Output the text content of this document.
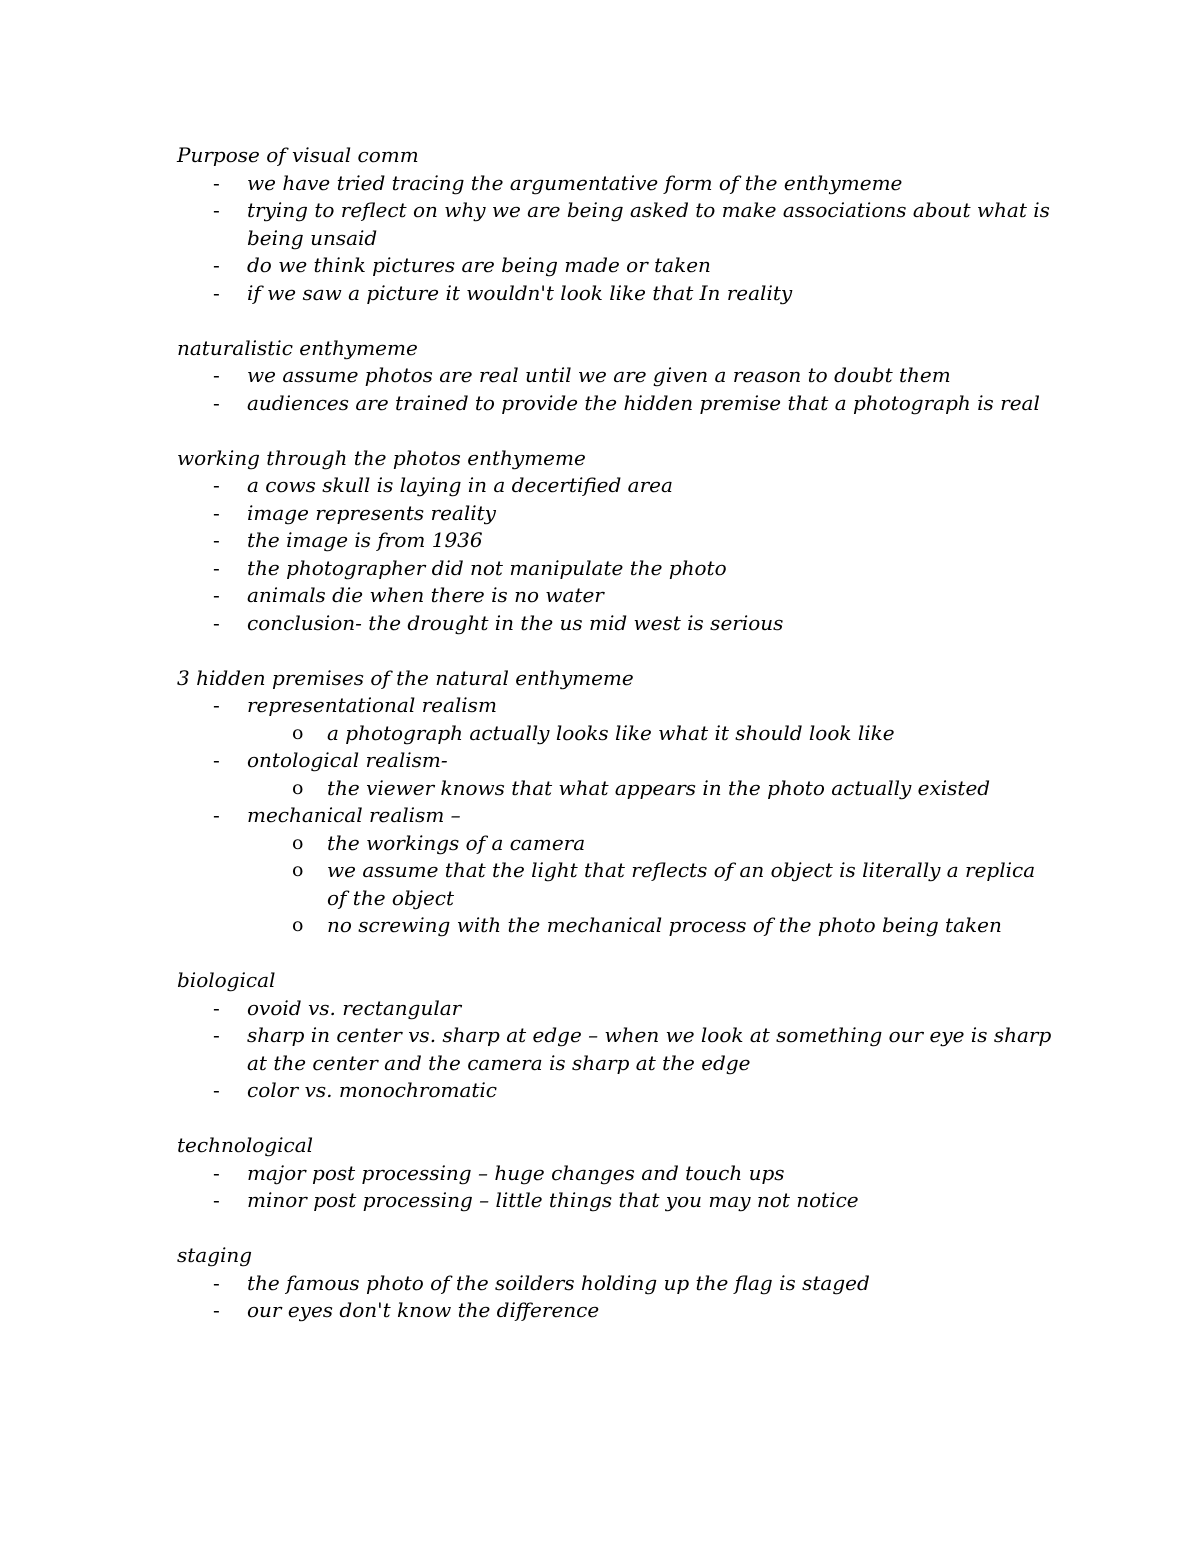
Purpose of visual comm
- we have tried tracing the argumentative form of the enthymeme
- trying to reflect on why we are being asked to make associations about what is being unsaid
- do we think pictures are being made or taken
- if we saw a picture it wouldn't look like that In reality
naturalistic enthymeme
- we assume photos are real until we are given a reason to doubt them
- audiences are trained to provide the hidden premise that a photograph is real
working through the photos enthymeme
- a cows skull is laying in a decertified area
- image represents reality
- the image is from 1936
- the photographer did not manipulate the photo
- animals die when there is no water
- conclusion- the drought in the us mid west is serious
3 hidden premises of the natural enthymeme
- representational realism
o a photograph actually looks like what it should look like
- ontological realism-
o the viewer knows that what appears in the photo actually existed
- mechanical realism –
o the workings of a camera
o we assume that the light that reflects of an object is literally a replica of the object
o no screwing with the mechanical process of the photo being taken
biological
- ovoid vs. rectangular
- sharp in center vs. sharp at edge – when we look at something our eye is sharp at the center and the camera is sharp at the edge
- color vs. monochromatic
technological
- major post processing – huge changes and touch ups
- minor post processing – little things that you may not notice
staging
- the famous photo of the soilders holding up the flag is staged
- our eyes don't know the difference
